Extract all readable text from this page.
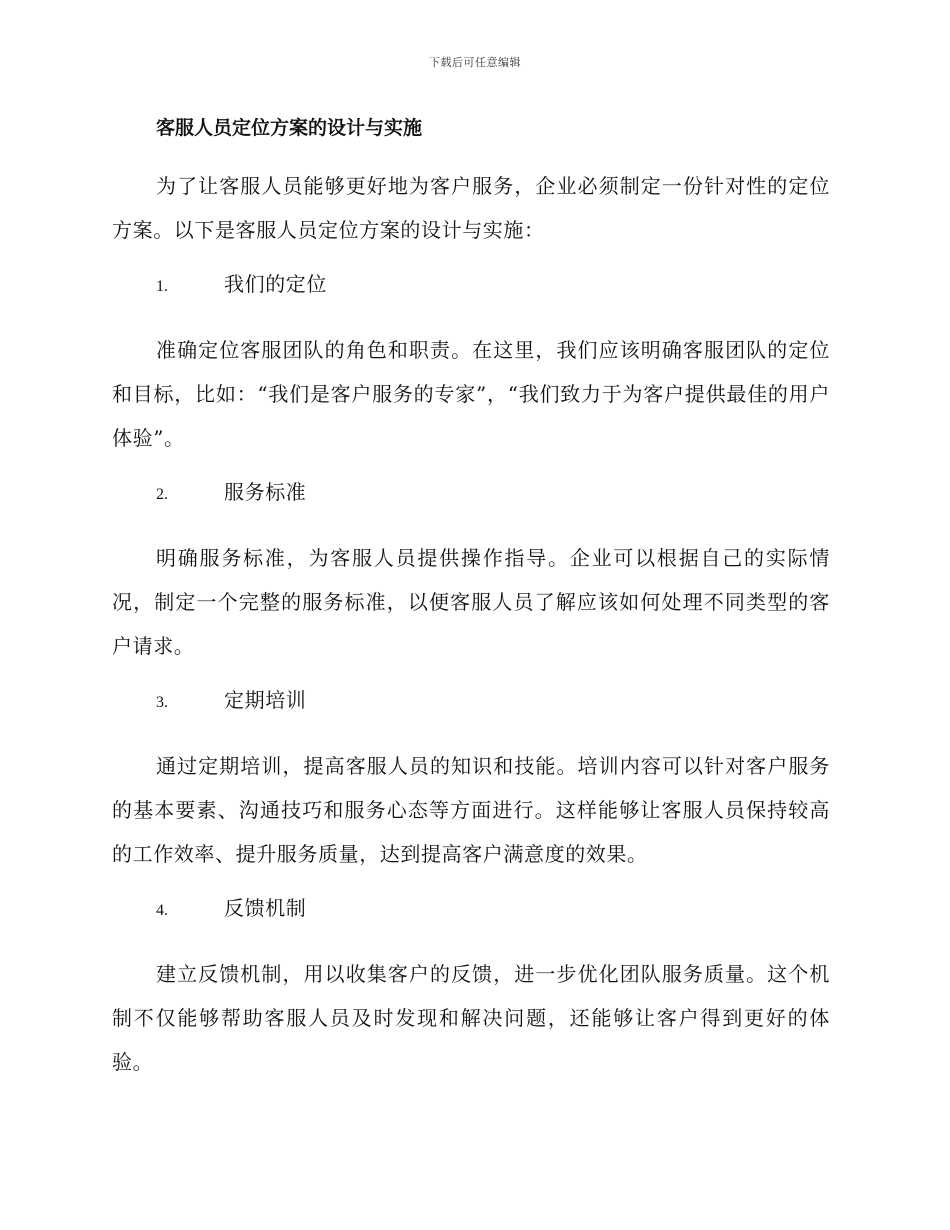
下载后可任意编辑
客服人员定位方案的设计与实施

为了让客服人员能够更好地为客户服务，企业必须制定一份针对性的定位方案。以下是客服人员定位方案的设计与实施：

1.	我们的定位

准确定位客服团队的角色和职责。在这里，我们应该明确客服团队的定位和目标，比如：“我们是客户服务的专家”，“我们致力于为客户提供最佳的用户体验”。

2.	服务标准

明确服务标准，为客服人员提供操作指导。企业可以根据自己的实际情况，制定一个完整的服务标准，以便客服人员了解应该如何处理不同类型的客户请求。

3.	定期培训

通过定期培训，提高客服人员的知识和技能。培训内容可以针对客户服务的基本要素、沟通技巧和服务心态等方面进行。这样能够让客服人员保持较高的工作效率、提升服务质量，达到提高客户满意度的效果。

4.	反馈机制

建立反馈机制，用以收集客户的反馈，进一步优化团队服务质量。这个机制不仅能够帮助客服人员及时发现和解决问题，还能够让客户得到更好的体验。
